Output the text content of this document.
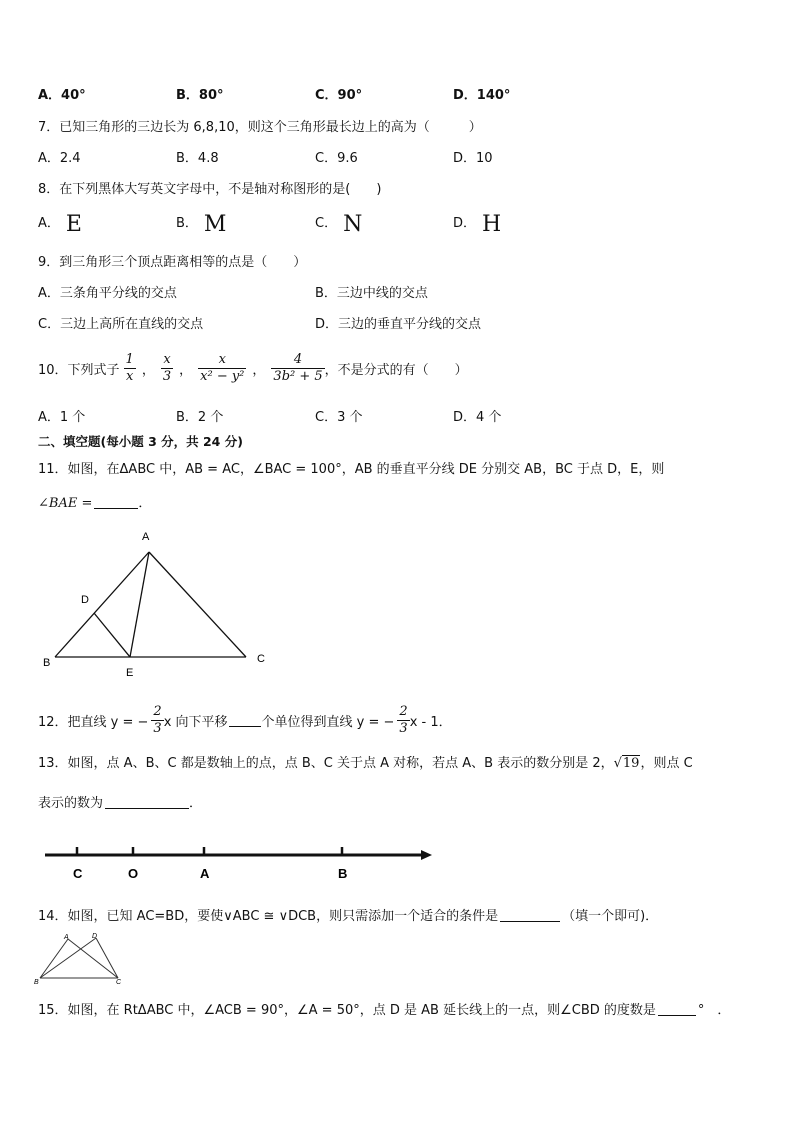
A．40°	B．80°	C．90°	D．140°
7．已知三角形的三边长为 6,8,10，则这个三角形最长边上的高为（　　　）
A．2.4	B．4.8	C．9.6	D．10
8．在下列黑体大写英文字母中，不是轴对称图形的是(　　)
A． E	B． M	C． N	D． H
9．到三角形三个顶点距离相等的点是（　　）
A．三条角平分线的交点	B．三边中线的交点
C．三边上高所在直线的交点	D．三边的垂直平分线的交点
10．下列式子 $\frac{1}{x}$ ， $\frac{x}{3}$ ， $\frac{x}{\text{x² − y²}}$ ， $\frac{4}{\text{3b² + 5}}$ ，不是分式的有（　　）
A．1 个	B．2 个	C．3 个	D．4 个
二、填空题(每小题 3 分，共 24 分)
11．如图，在ΔABC 中，AB = AC，∠BAC = 100°，AB 的垂直平分线 DE 分别交 AB，BC 于点 D，E，则
∠BAE =	．
A
D
B
E
C
12．把直线 y = − $\frac{2}{3}$ x 向下平移	个单位得到直线 y = − $\frac{2}{3}$ x - 1．
13．如图，点 A、B、C 都是数轴上的点，点 B、C 关于点 A 对称，若点 A、B 表示的数分别是 2，√19，则点 C
表示的数为	．
C	O	A	B
14．如图，已知 AC=BD，要使∨ABC ≅ ∨DCB，则只需添加一个适合的条件是	（填一个即可)．
A	D
B	C
15．如图，在 RtΔABC 中，∠ACB = 90°，∠A = 50°，点 D 是 AB 延长线上的一点，则∠CBD 的度数是	°　．
